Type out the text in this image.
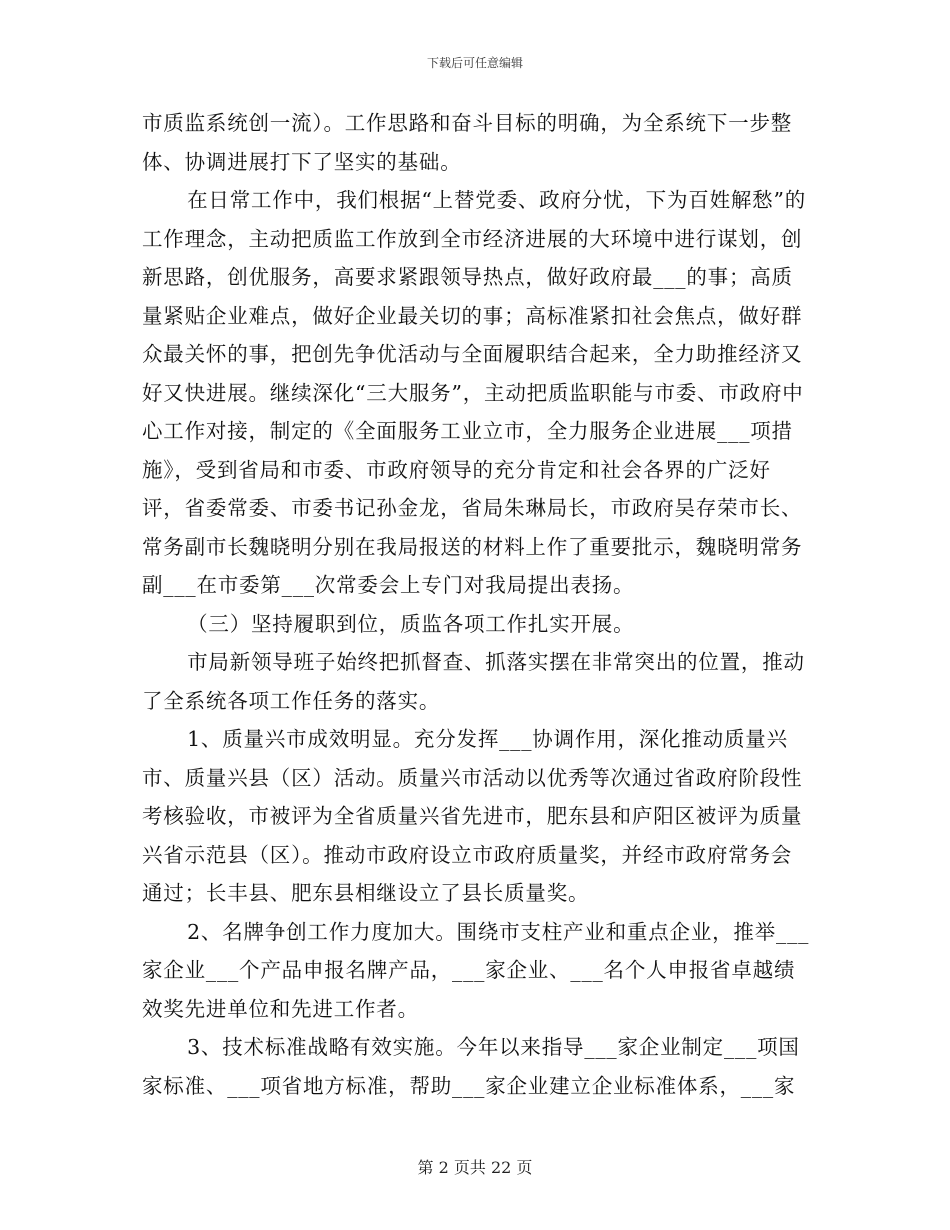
下载后可任意编辑

市质监系统创一流）。工作思路和奋斗目标的明确，为全系统下一步整体、协调进展打下了坚实的基础。

在日常工作中，我们根据“上替党委、政府分忧，下为百姓解愁”的工作理念，主动把质监工作放到全市经济进展的大环境中进行谋划，创新思路，创优服务，高要求紧跟领导热点，做好政府最___的事；高质量紧贴企业难点，做好企业最关切的事；高标准紧扣社会焦点，做好群众最关怀的事，把创先争优活动与全面履职结合起来，全力助推经济又好又快进展。继续深化“三大服务”，主动把质监职能与市委、市政府中心工作对接，制定的《全面服务工业立市，全力服务企业进展___项措施》，受到省局和市委、市政府领导的充分肯定和社会各界的广泛好评，省委常委、市委书记孙金龙，省局朱琳局长，市政府吴存荣市长、常务副市长魏晓明分别在我局报送的材料上作了重要批示，魏晓明常务副___在市委第___次常委会上专门对我局提出表扬。

（三）坚持履职到位，质监各项工作扎实开展。

市局新领导班子始终把抓督查、抓落实摆在非常突出的位置，推动了全系统各项工作任务的落实。

1、质量兴市成效明显。充分发挥___协调作用，深化推动质量兴市、质量兴县（区）活动。质量兴市活动以优秀等次通过省政府阶段性考核验收，市被评为全省质量兴省先进市，肥东县和庐阳区被评为质量兴省示范县（区）。推动市政府设立市政府质量奖，并经市政府常务会通过；长丰县、肥东县相继设立了县长质量奖。

2、名牌争创工作力度加大。围绕市支柱产业和重点企业，推举___家企业___个产品申报名牌产品，___家企业、___名个人申报省卓越绩效奖先进单位和先进工作者。

3、技术标准战略有效实施。今年以来指导___家企业制定___项国家标准、___项省地方标准，帮助___家企业建立企业标准体系，___家

第 2 页共 22 页
